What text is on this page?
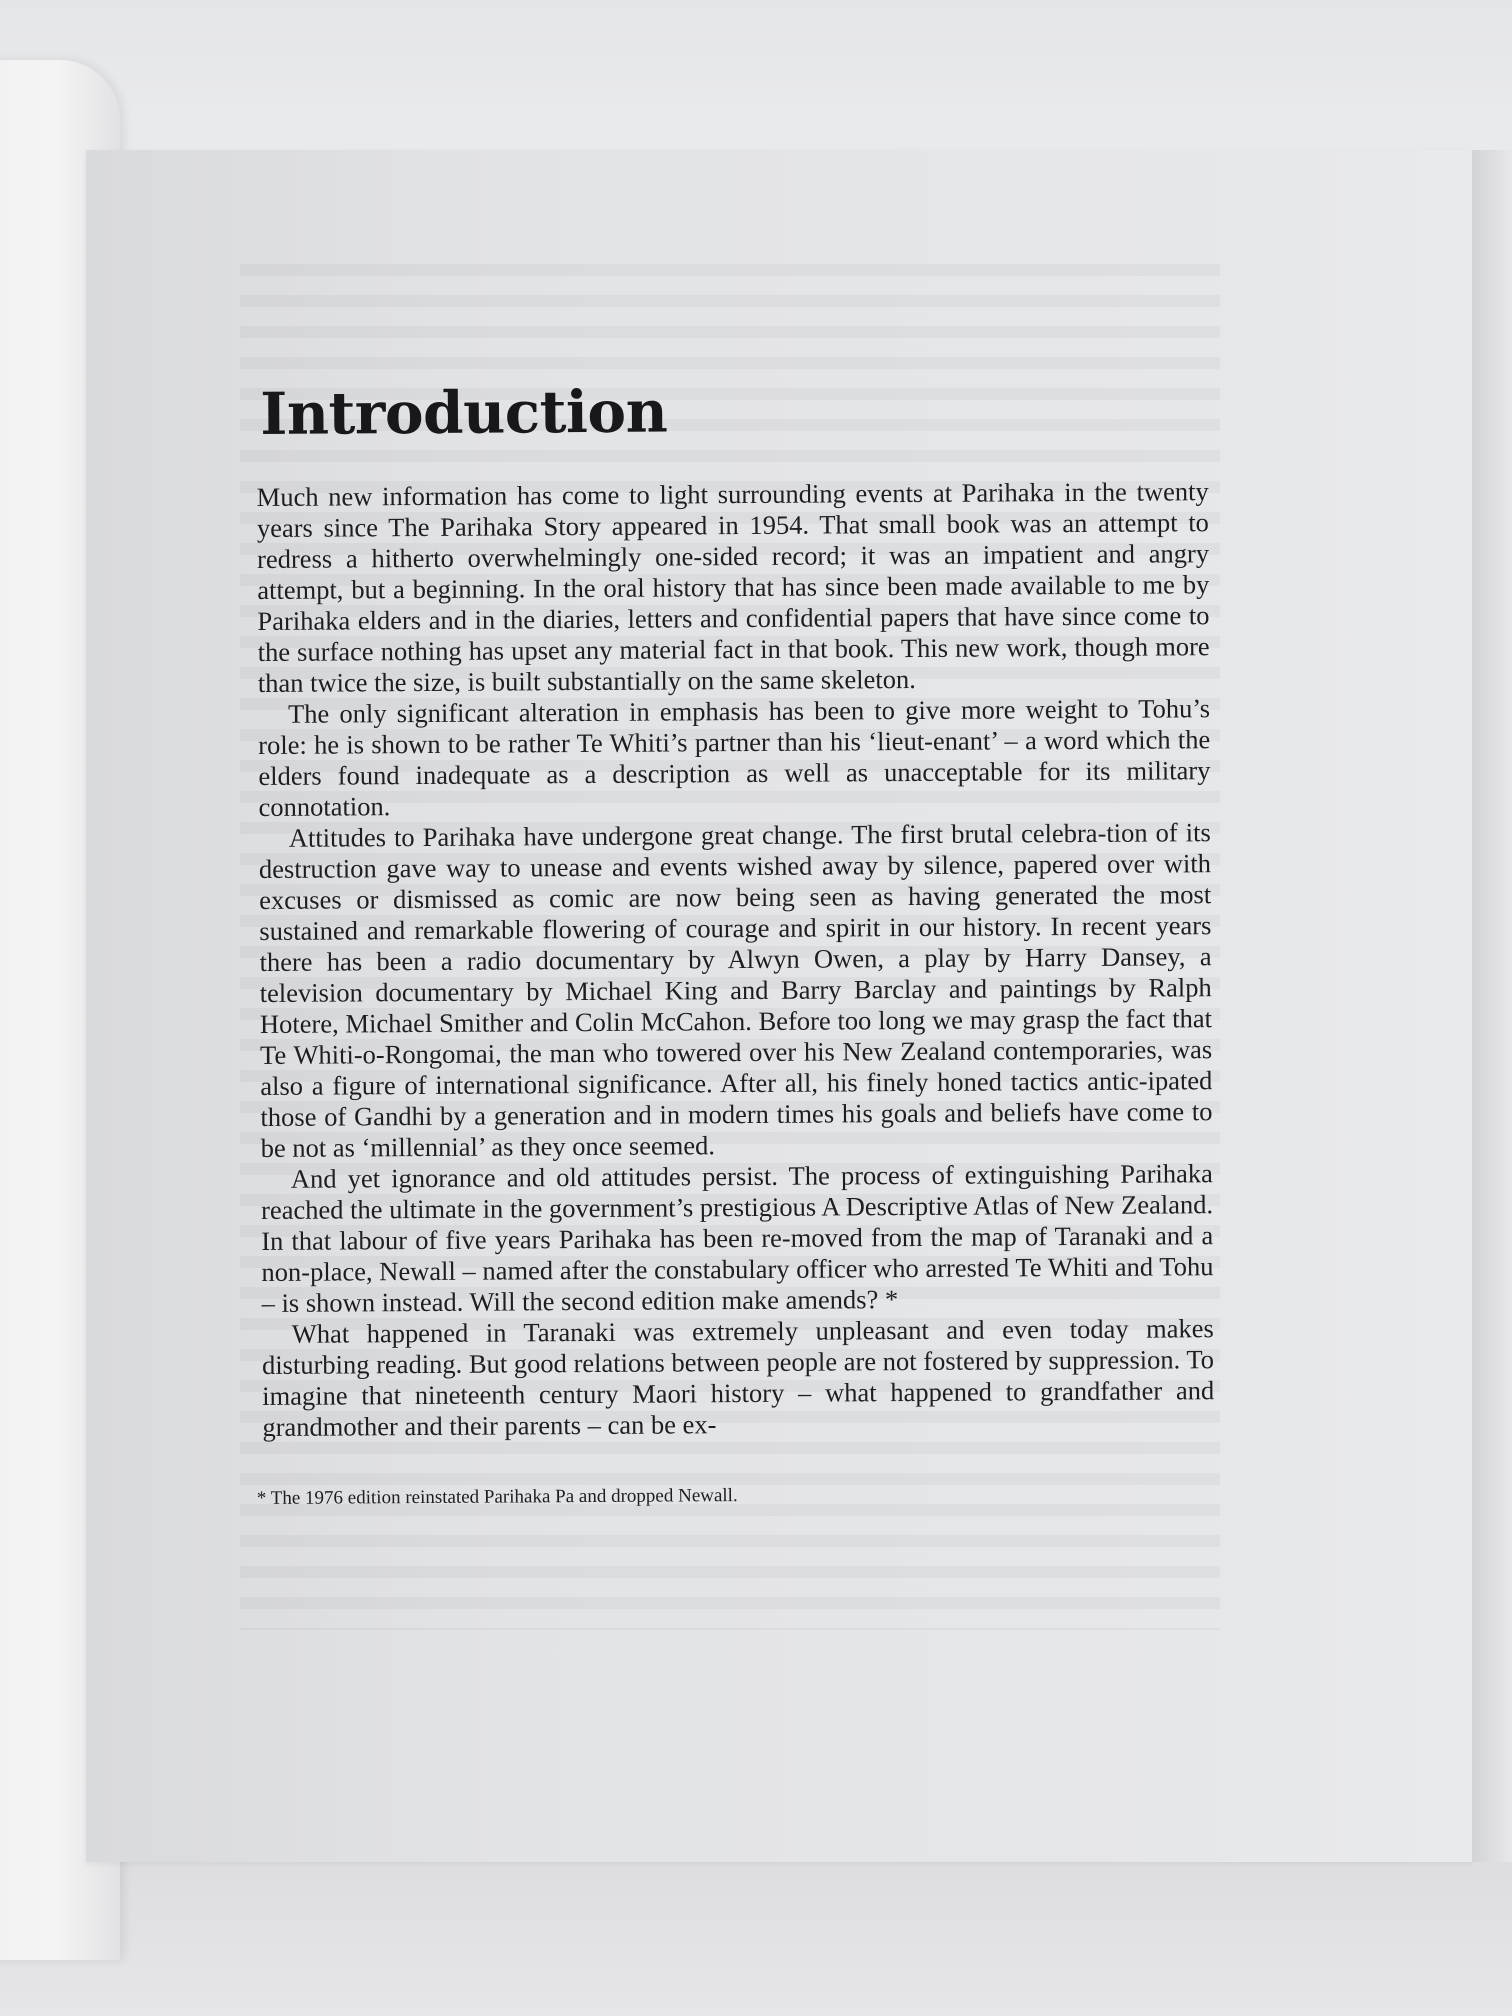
Introduction

Much new information has come to light surrounding events at Parihaka in the twenty years since The Parihaka Story appeared in 1954. That small book was an attempt to redress a hitherto overwhelmingly one-sided record; it was an impatient and angry attempt, but a beginning. In the oral history that has since been made available to me by Parihaka elders and in the diaries, letters and confidential papers that have since come to the surface nothing has upset any material fact in that book. This new work, though more than twice the size, is built substantially on the same skeleton.

The only significant alteration in emphasis has been to give more weight to Tohu’s role: he is shown to be rather Te Whiti’s partner than his ‘lieut-enant’ – a word which the elders found inadequate as a description as well as unacceptable for its military connotation.

Attitudes to Parihaka have undergone great change. The first brutal celebra-tion of its destruction gave way to unease and events wished away by silence, papered over with excuses or dismissed as comic are now being seen as having generated the most sustained and remarkable flowering of courage and spirit in our history. In recent years there has been a radio documentary by Alwyn Owen, a play by Harry Dansey, a television documentary by Michael King and Barry Barclay and paintings by Ralph Hotere, Michael Smither and Colin McCahon. Before too long we may grasp the fact that Te Whiti-o-Rongomai, the man who towered over his New Zealand contemporaries, was also a figure of international significance. After all, his finely honed tactics antic-ipated those of Gandhi by a generation and in modern times his goals and beliefs have come to be not as ‘millennial’ as they once seemed.

And yet ignorance and old attitudes persist. The process of extinguishing Parihaka reached the ultimate in the government’s prestigious A Descriptive Atlas of New Zealand. In that labour of five years Parihaka has been re-moved from the map of Taranaki and a non-place, Newall – named after the constabulary officer who arrested Te Whiti and Tohu – is shown instead. Will the second edition make amends? *

What happened in Taranaki was extremely unpleasant and even today makes disturbing reading. But good relations between people are not fostered by suppression. To imagine that nineteenth century Maori history – what happened to grandfather and grandmother and their parents – can be ex-

* The 1976 edition reinstated Parihaka Pa and dropped Newall.
